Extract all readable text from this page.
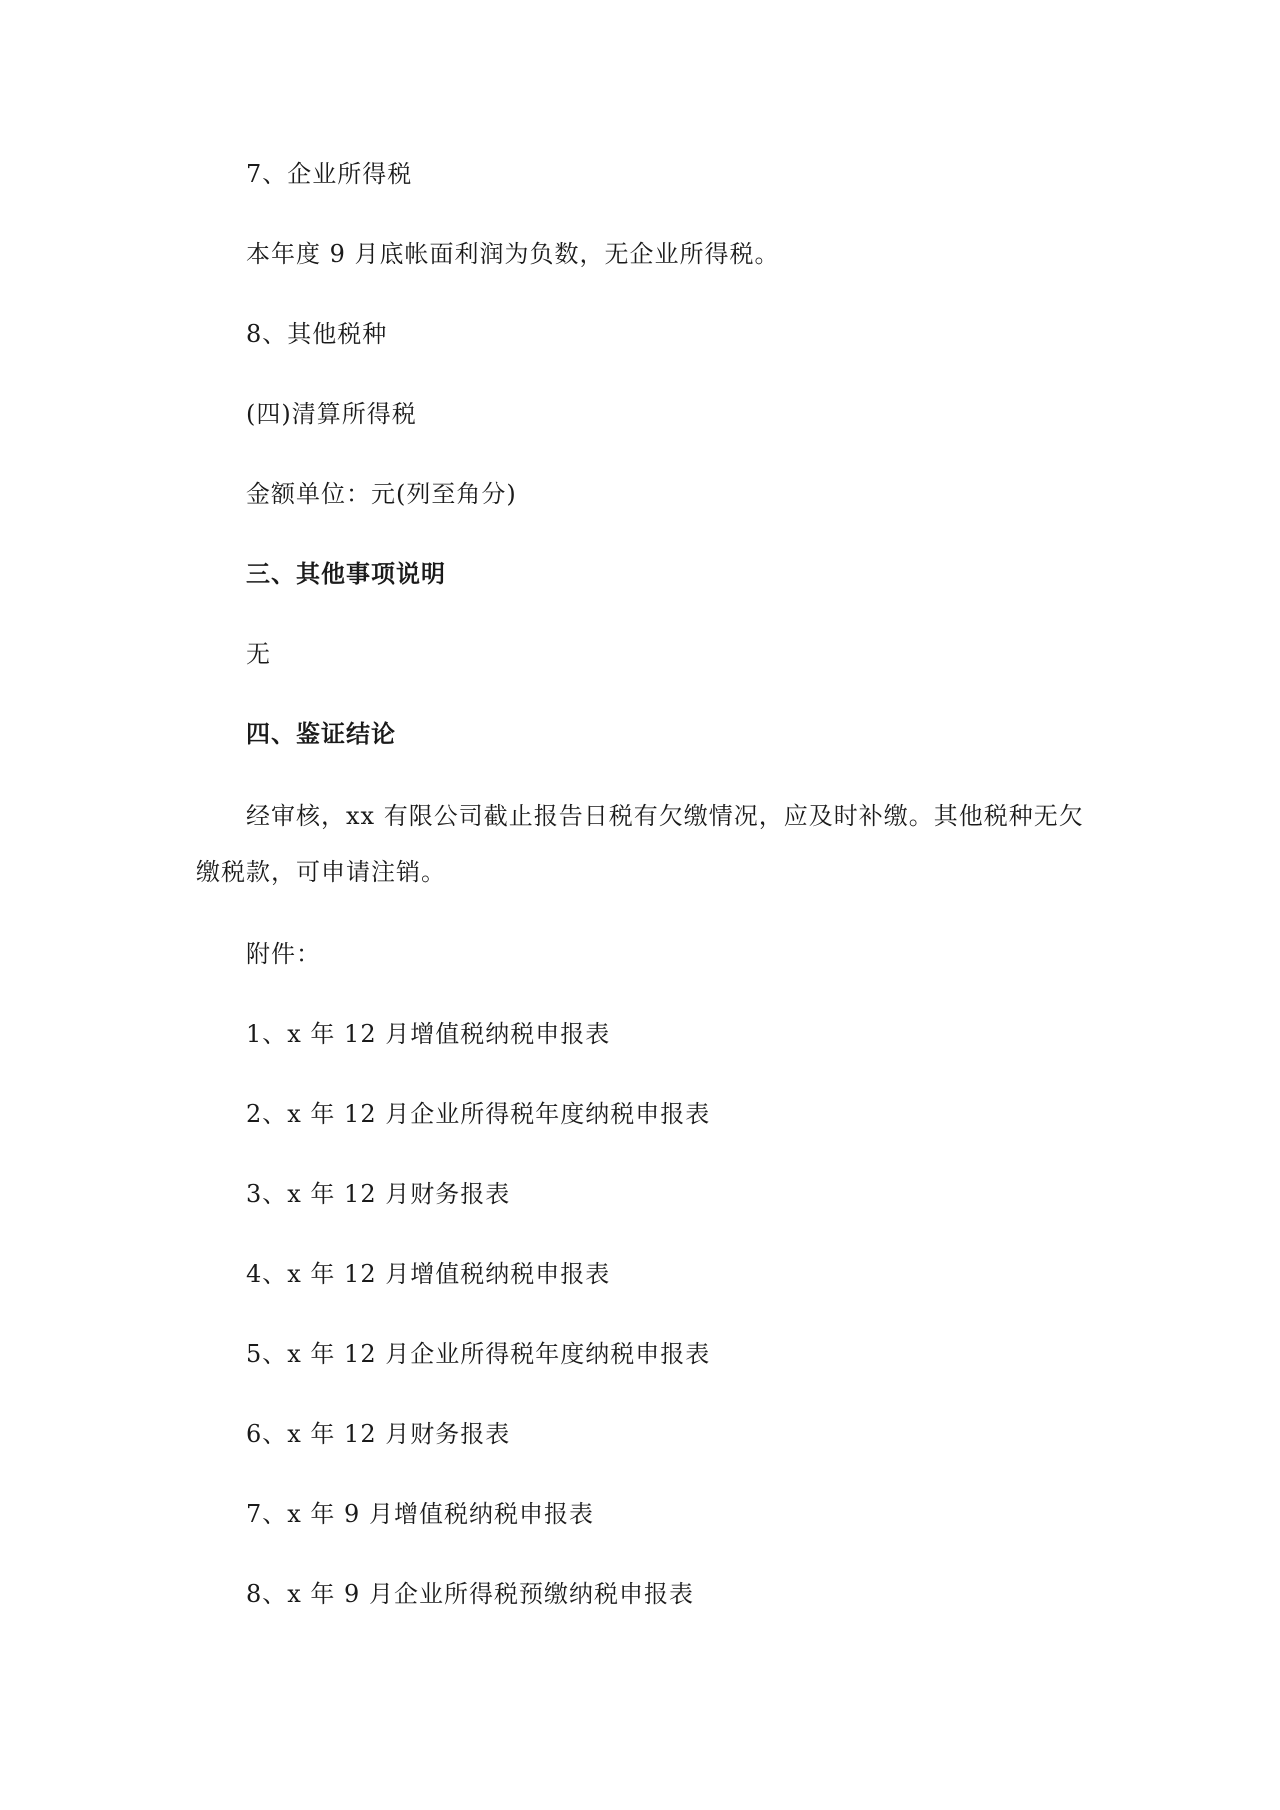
7、企业所得税
本年度 9 月底帐面利润为负数，无企业所得税。
8、其他税种
(四)清算所得税
金额单位：元(列至角分)
三、其他事项说明
无
四、鉴证结论
经审核，xx 有限公司截止报告日税有欠缴情况，应及时补缴。其他税种无欠缴税款，可申请注销。
附件：
1、x 年 12 月增值税纳税申报表
2、x 年 12 月企业所得税年度纳税申报表
3、x 年 12 月财务报表
4、x 年 12 月增值税纳税申报表
5、x 年 12 月企业所得税年度纳税申报表
6、x 年 12 月财务报表
7、x 年 9 月增值税纳税申报表
8、x 年 9 月企业所得税预缴纳税申报表
